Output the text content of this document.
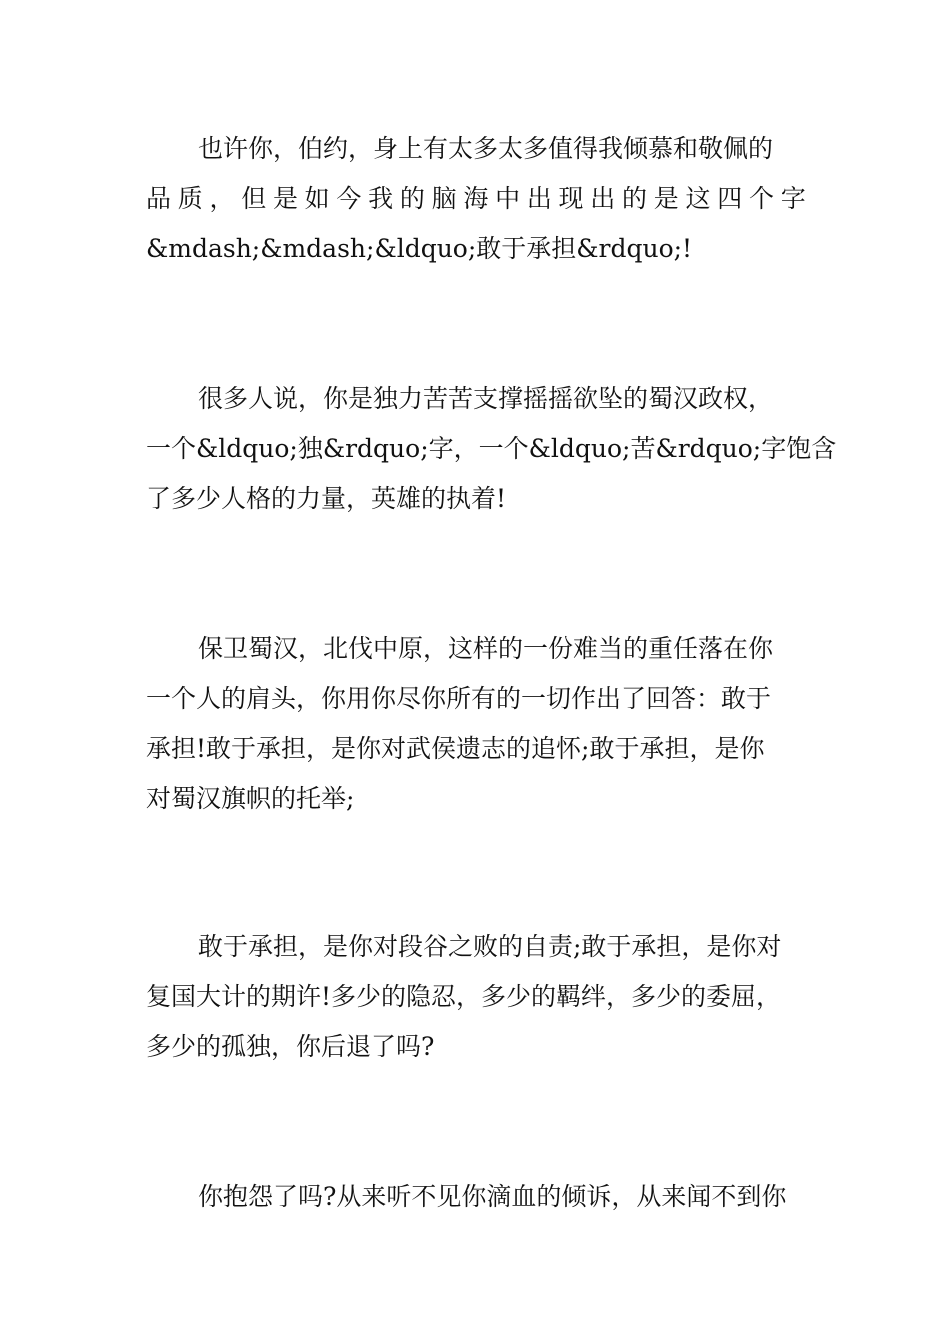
也许你，伯约，身上有太多太多值得我倾慕和敬佩的
品 质 ， 但 是 如 今 我 的 脑 海 中 出 现 出 的 是 这 四 个 字
&mdash;&mdash;&ldquo;敢于承担&rdquo;!
很多人说，你是独力苦苦支撑摇摇欲坠的蜀汉政权，
一个&ldquo;独&rdquo;字，一个&ldquo;苦&rdquo;字饱含
了多少人格的力量，英雄的执着!
保卫蜀汉，北伐中原，这样的一份难当的重任落在你
一个人的肩头，你用你尽你所有的一切作出了回答：敢于
承担!敢于承担，是你对武侯遗志的追怀;敢于承担，是你
对蜀汉旗帜的托举;
敢于承担，是你对段谷之败的自责;敢于承担，是你对
复国大计的期许!多少的隐忍，多少的羁绊，多少的委屈，
多少的孤独，你后退了吗?
你抱怨了吗?从来听不见你滴血的倾诉，从来闻不到你
